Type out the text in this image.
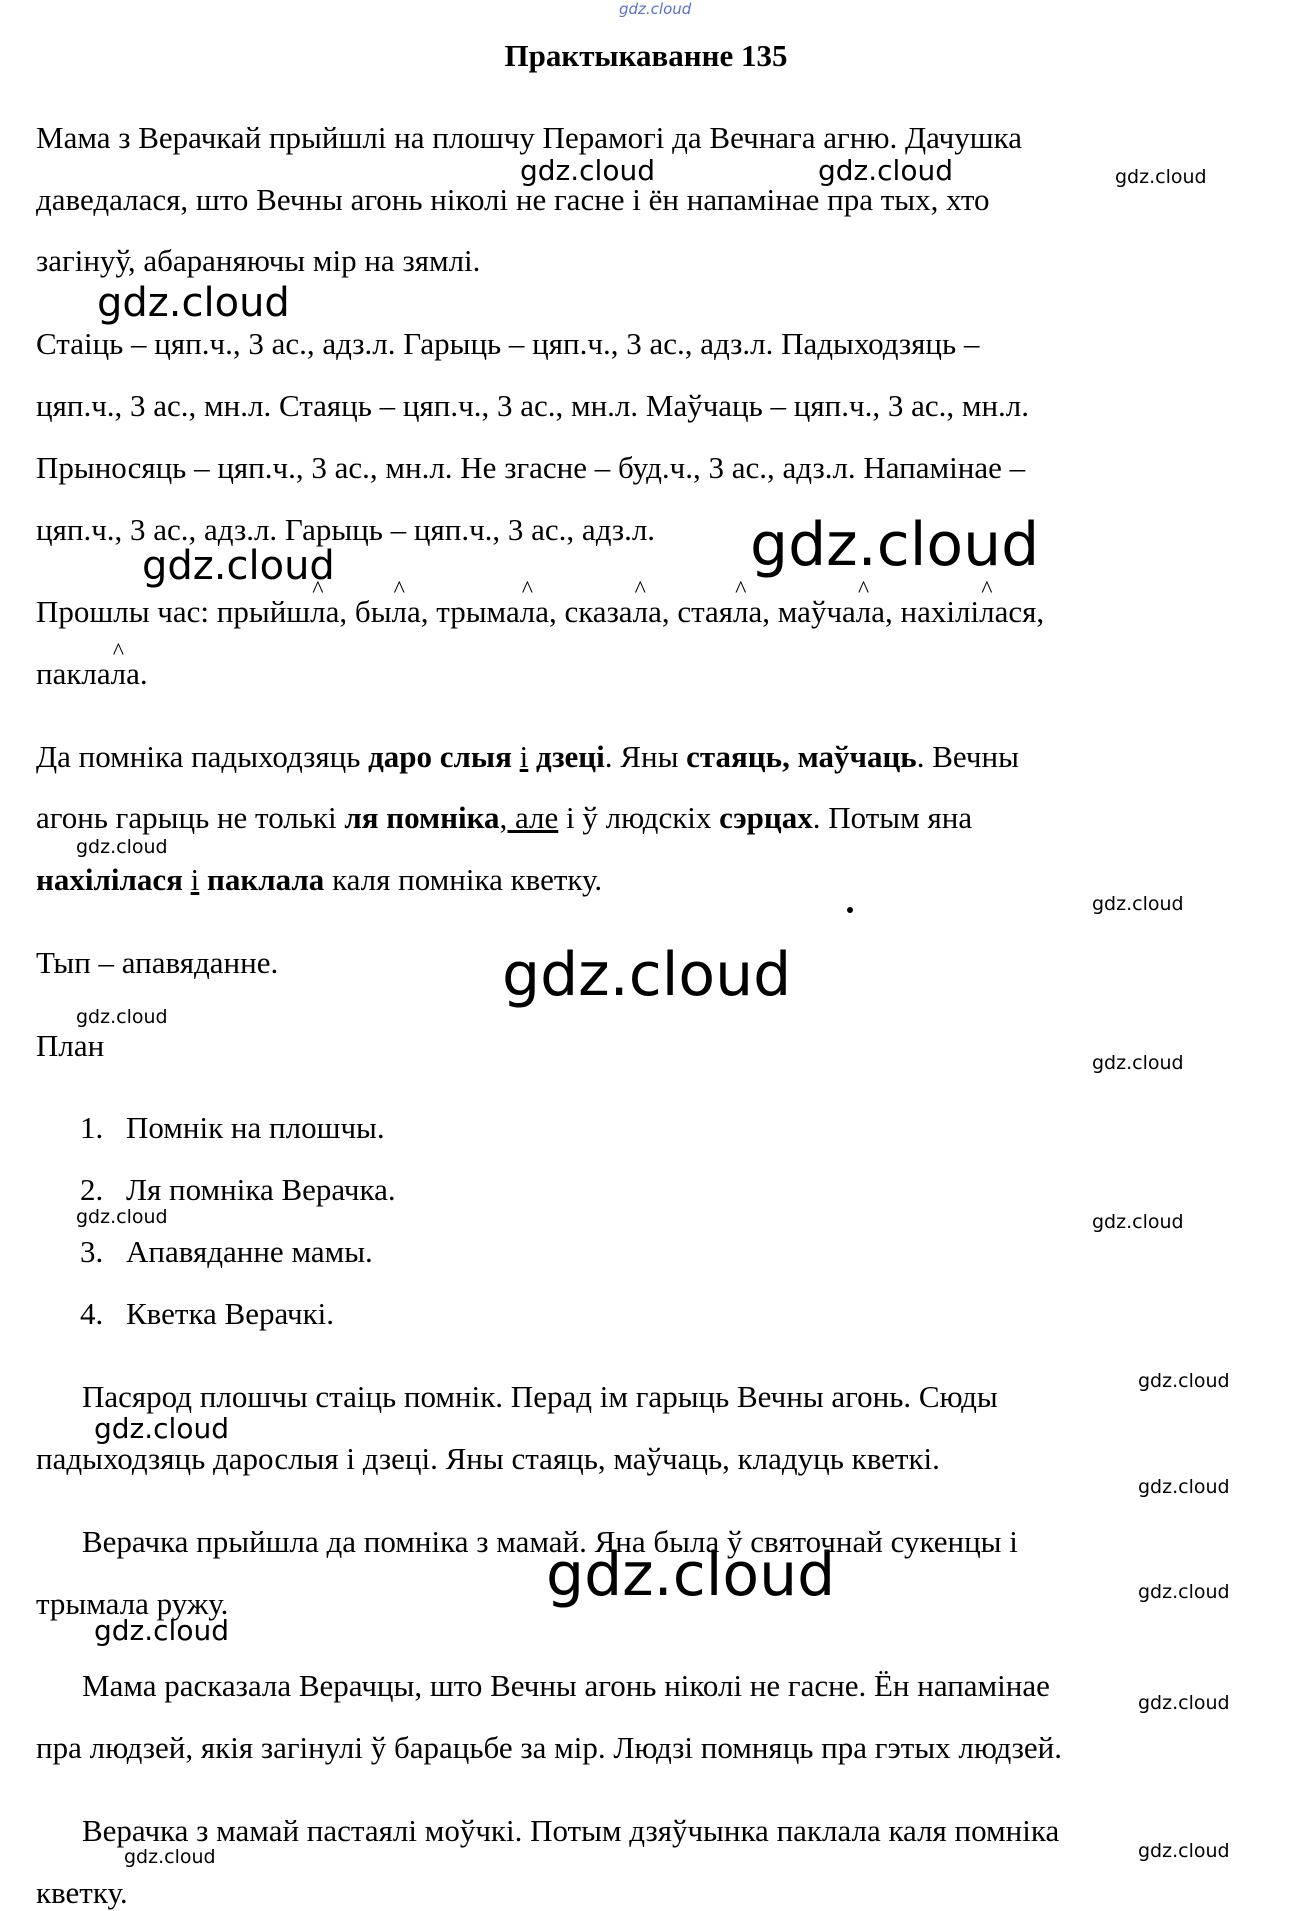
gdz.cloud
Практыкаванне 135
Мама з Верачкай прыйшлі на плошчу Перамогі да Вечнага агню. Дачушка
даведалася, што Вечны агонь ніколі не гасне і ён напамінае пра тых, хто
загінуў, абараняючы мір на зямлі.
Стаіць – цяп.ч., 3 ас., адз.л. Гарыць – цяп.ч., 3 ас., адз.л. Падыходзяць –
цяп.ч., 3 ас., мн.л. Стаяць – цяп.ч., 3 ас., мн.л. Маўчаць – цяп.ч., 3 ас., мн.л.
Прыносяць – цяп.ч., 3 ас., мн.л. Не згасне – буд.ч., 3 ас., адз.л. Напамінае –
цяп.ч., 3 ас., адз.л. Гарыць – цяп.ч., 3 ас., адз.л.
Прошлы час: прыйш^ ла, бы^ ла, трыма^ ла, сказа^ ла, стая^ ла, маўча^ ла, нахілі^ лася,
пакла^ ла.
Да помніка падыходзяць даро слыя і дзеці. Яны стаяць, маўчаць. Вечны
агонь гарыць не толькі ля помніка, але і ў людскіх сэрцах. Потым яна
нахілілася і паклала каля помніка кветку.
Тып – апавяданне.
План
1. Помнік на плошчы.
2. Ля помніка Верачка.
3. Апавяданне мамы.
4. Кветка Верачкі.
Пасярод плошчы стаіць помнік. Перад ім гарыць Вечны агонь. Сюды
падыходзяць дарослыя і дзеці. Яны стаяць, маўчаць, кладуць кветкі.
Верачка прыйшла да помніка з мамай. Яна была ў святочнай сукенцы і
трымала ружу.
Мама расказала Верачцы, што Вечны агонь ніколі не гасне. Ён напамінае
пра людзей, якія загінулі ў барацьбе за мір. Людзі помняць пра гэтых людзей.
Верачка з мамай пастаялі моўчкі. Потым дзяўчынка паклала каля помніка
кветку.
gdz.cloud	gdz.cloud	gdz.cloud
gdz.cloud
gdz.cloud	gdz.cloud
gdz.cloud
gdz.cloud
gdz.cloud
gdz.cloud
gdz.cloud
gdz.cloud	gdz.cloud
gdz.cloud
gdz.cloud
gdz.cloud
gdz.cloud	gdz.cloud
gdz.cloud
gdz.cloud
gdz.cloud	gdz.cloud
